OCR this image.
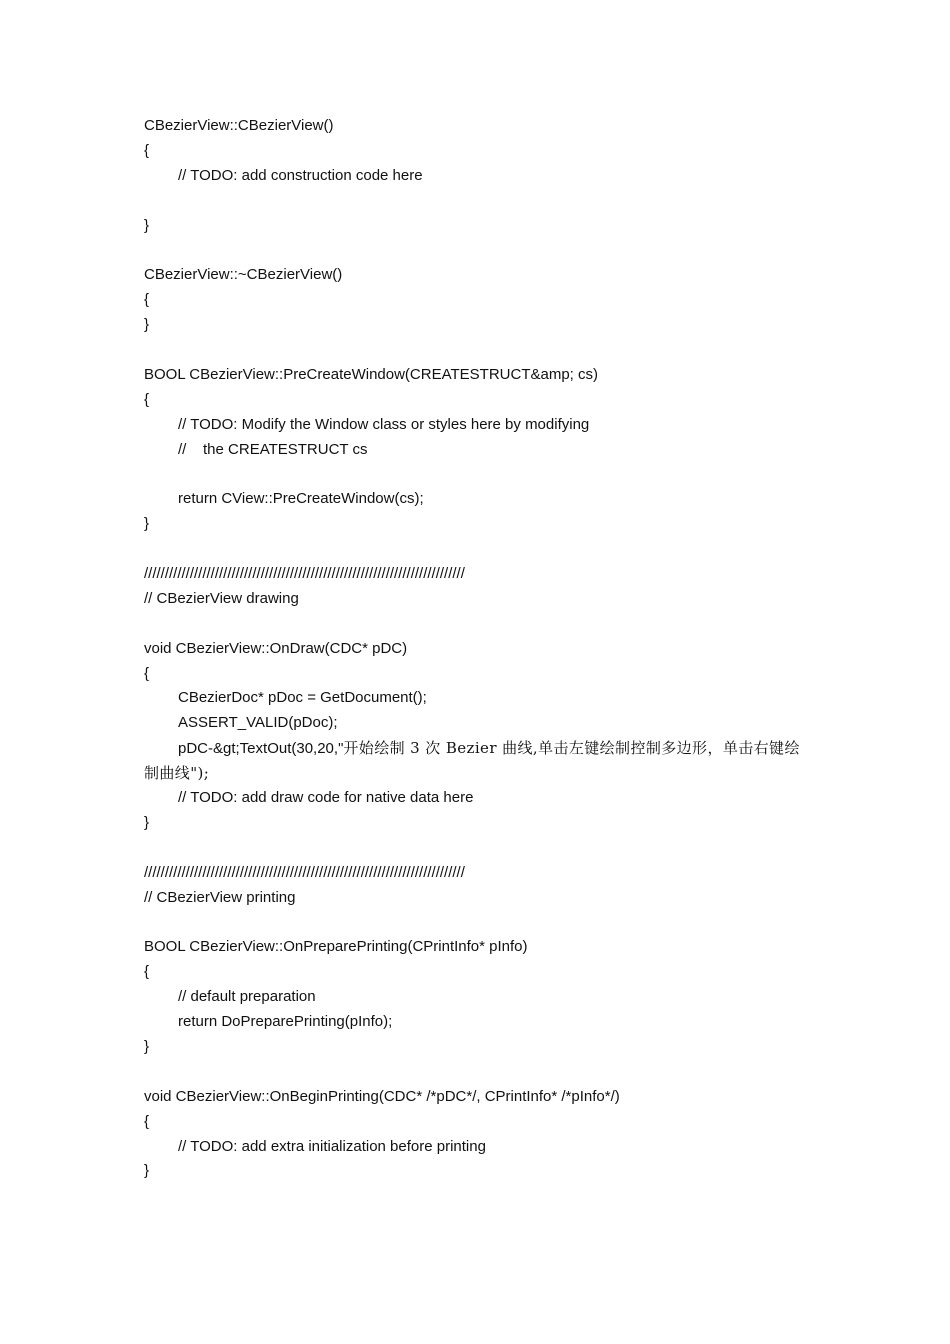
CBezierView::CBezierView()
{
// TODO: add construction code here
}
CBezierView::~CBezierView()
{
}
BOOL CBezierView::PreCreateWindow(CREATESTRUCT&amp; cs)
{
// TODO: Modify the Window class or styles here by modifying
//    the CREATESTRUCT cs
return CView::PreCreateWindow(cs);
}
/////////////////////////////////////////////////////////////////////////////
// CBezierView drawing
void CBezierView::OnDraw(CDC* pDC)
{
CBezierDoc* pDoc = GetDocument();
ASSERT_VALID(pDoc);
pDC-&gt;TextOut(30,20,"开始绘制 3 次 Bezier 曲线,单击左键绘制控制多边形，单击右键绘
制曲线");
// TODO: add draw code for native data here
}
/////////////////////////////////////////////////////////////////////////////
// CBezierView printing
BOOL CBezierView::OnPreparePrinting(CPrintInfo* pInfo)
{
// default preparation
return DoPreparePrinting(pInfo);
}
void CBezierView::OnBeginPrinting(CDC* /*pDC*/, CPrintInfo* /*pInfo*/)
{
// TODO: add extra initialization before printing
}
